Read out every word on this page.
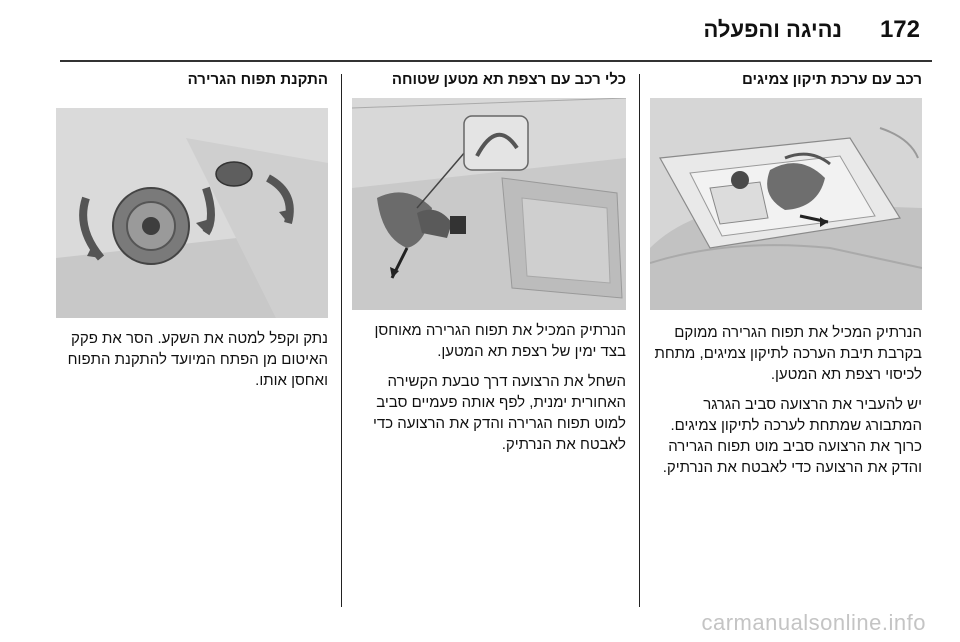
172
נהיגה והפעלה
רכב עם ערכת תיקון צמיגים

הנרתיק המכיל את תפוח הגרירה ממוקם בקרבת תיבת הערכה לתיקון צמיגים, מתחת לכיסוי רצפת תא המטען.

יש להעביר את הרצועה סביב הגרגר המתבורג שמתחת לערכה לתיקון צמיגים. כרוך את הרצועה סביב מוט תפוח הגרירה והדק את הרצועה כדי לאבטח את הנרתיק.

כלי רכב עם רצפת תא מטען שטוחה

הנרתיק המכיל את תפוח הגרירה מאוחסן בצד ימין של רצפת תא המטען.

השחל את הרצועה דרך טבעת הקשירה האחורית ימנית, לפף אותה פעמיים סביב למוט תפוח הגרירה והדק את הרצועה כדי לאבטח את הנרתיק.

התקנת תפוח הגרירה

נתק וקפל למטה את השקע. הסר את פקק האיטום מן הפתח המיועד להתקנת התפוח ואחסן אותו.

carmanualsonline.info
